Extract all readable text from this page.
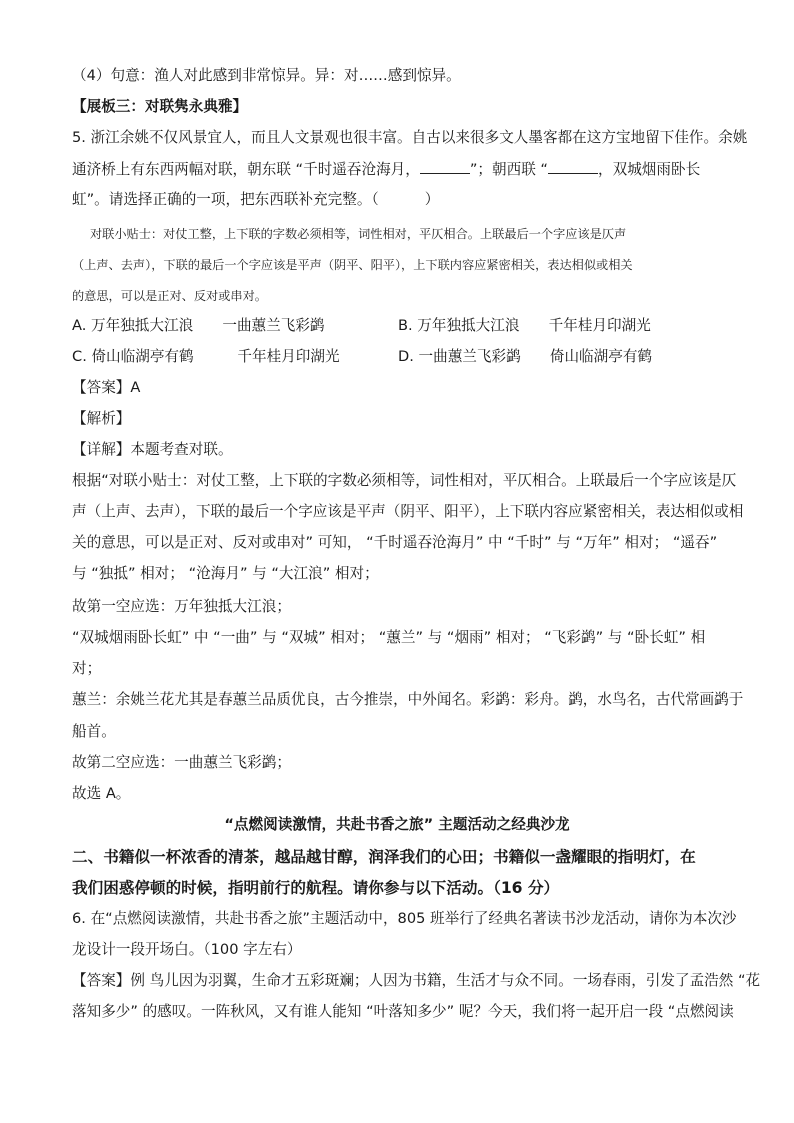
（4）句意：渔人对此感到非常惊异。异：对……感到惊异。
【展板三：对联隽永典雅】
5. 浙江余姚不仅风景宜人，而且人文景观也很丰富。自古以来很多文人墨客都在这方宝地留下佳作。余姚
通济桥上有东西两幅对联，朝东联 “千时遥吞沧海月，	”；朝西联 “	，双城烟雨卧长
虹”。请选择正确的一项，把东西联补充完整。（	）
对联小贴士：对仗工整，上下联的字数必须相等，词性相对，平仄相合。上联最后一个字应该是仄声
（上声、去声），下联的最后一个字应该是平声（阴平、阳平），上下联内容应紧密相关，表达相似或相关
的意思，可以是正对、反对或串对。
A. 万年独抵大江浪　　一曲蕙兰飞彩鹢	B. 万年独抵大江浪　　千年桂月印湖光
C. 倚山临湖亭有鹤　　　千年桂月印湖光	D. 一曲蕙兰飞彩鹢　　倚山临湖亭有鹤
【答案】A
【解析】
【详解】本题考查对联。
根据“对联小贴士：对仗工整，上下联的字数必须相等，词性相对，平仄相合。上联最后一个字应该是仄
声（上声、去声），下联的最后一个字应该是平声（阴平、阳平），上下联内容应紧密相关，表达相似或相
关的意思，可以是正对、反对或串对” 可知， “千时遥吞沧海月” 中 “千时” 与 “万年” 相对； “遥吞”
与 “独抵” 相对； “沧海月” 与 “大江浪” 相对；
故第一空应选：万年独抵大江浪；
“双城烟雨卧长虹” 中 “一曲” 与 “双城” 相对； “蕙兰” 与 “烟雨” 相对； “飞彩鹢” 与 “卧长虹” 相
对；
蕙兰：余姚兰花尤其是春蕙兰品质优良，古今推崇，中外闻名。彩鹢：彩舟。鹢，水鸟名，古代常画鹢于
船首。
故第二空应选：一曲蕙兰飞彩鹢；
故选 A。
“点燃阅读激情，共赴书香之旅” 主题活动之经典沙龙
二、书籍似一杯浓香的清茶，越品越甘醇，润泽我们的心田；书籍似一盏耀眼的指明灯，在
我们困惑停顿的时候，指明前行的航程。请你参与以下活动。（16 分）
6. 在“点燃阅读激情，共赴书香之旅”主题活动中，805 班举行了经典名著读书沙龙活动，请你为本次沙
龙设计一段开场白。（100 字左右）
【答案】例 鸟儿因为羽翼，生命才五彩斑斓；人因为书籍，生活才与众不同。一场春雨，引发了孟浩然 “花
落知多少” 的感叹。一阵秋风，又有谁人能知 “叶落知多少” 呢？今天，我们将一起开启一段 “点燃阅读
